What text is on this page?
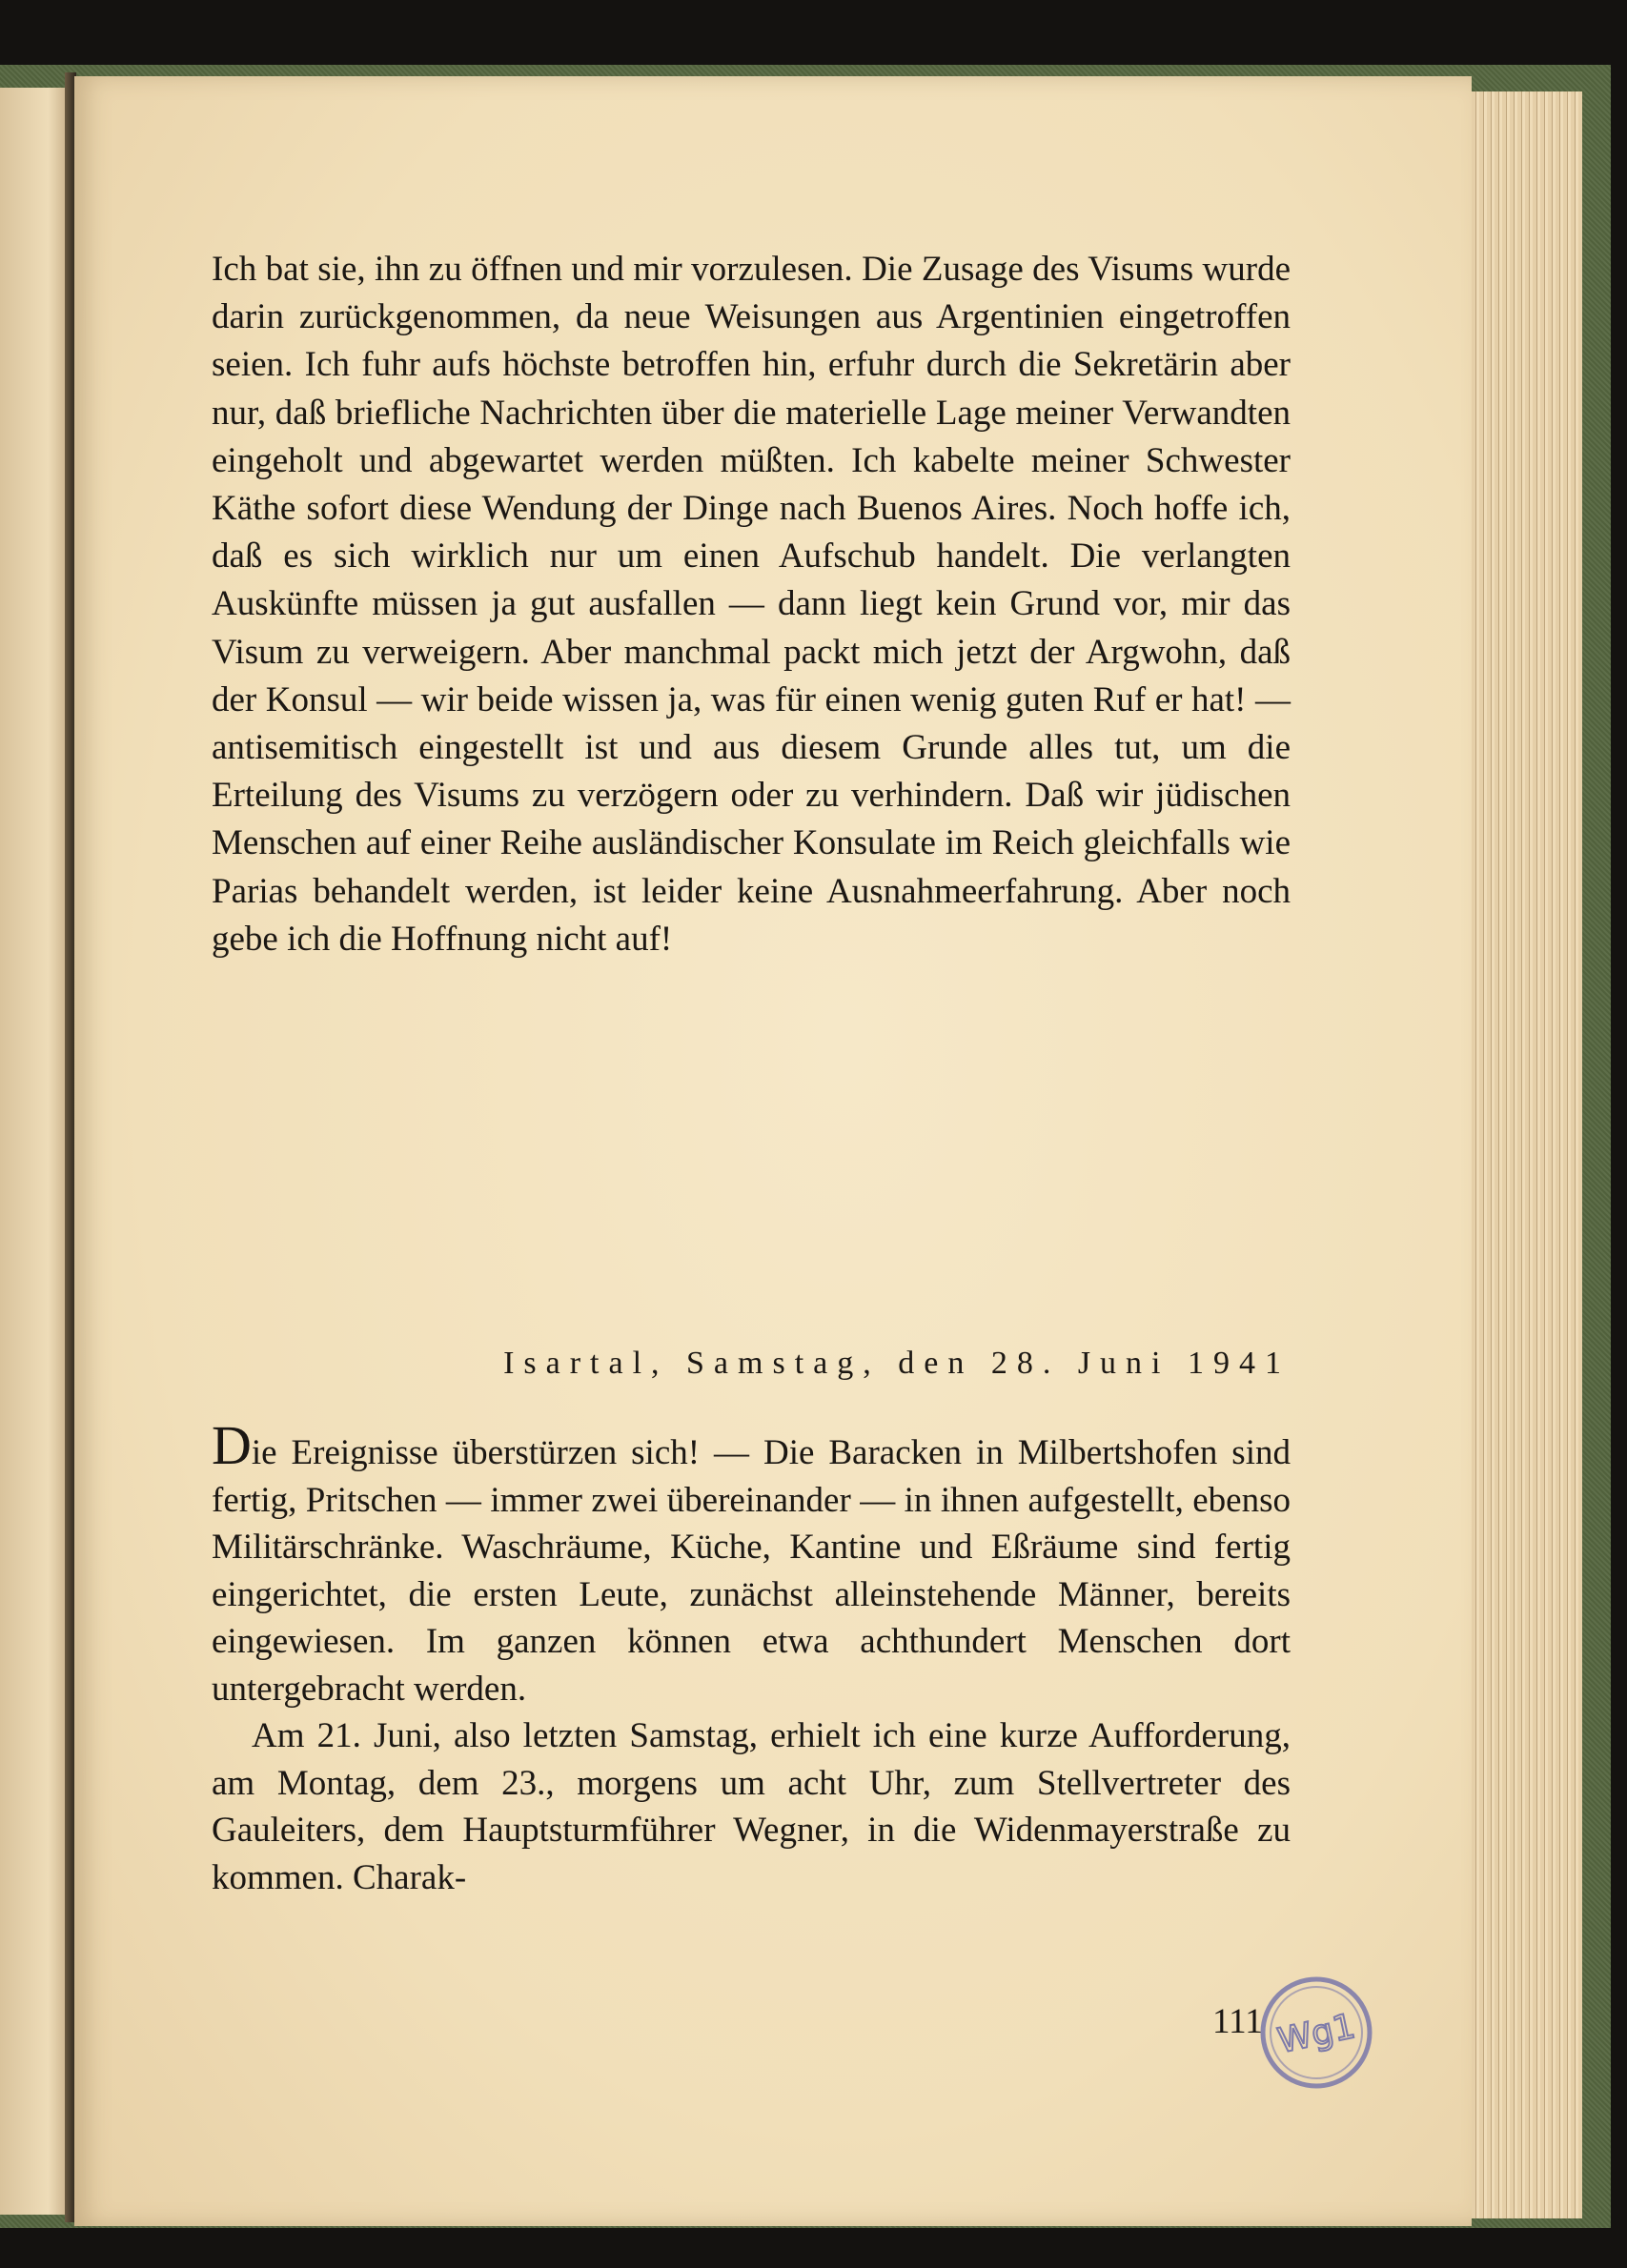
Ich bat sie, ihn zu öffnen und mir vorzulesen. Die Zusage des Visums wurde darin zurückgenommen, da neue Weisungen aus Argentinien eingetroffen seien. Ich fuhr aufs höchste betroffen hin, erfuhr durch die Sekretärin aber nur, daß briefliche Nachrichten über die materielle Lage meiner Verwandten eingeholt und abgewartet werden müßten. Ich kabelte meiner Schwester Käthe sofort diese Wendung der Dinge nach Buenos Aires. Noch hoffe ich, daß es sich wirklich nur um einen Aufschub handelt. Die verlangten Auskünfte müssen ja gut ausfallen — dann liegt kein Grund vor, mir das Visum zu verweigern. Aber manchmal packt mich jetzt der Argwohn, daß der Konsul — wir beide wissen ja, was für einen wenig guten Ruf er hat! — antisemitisch eingestellt ist und aus diesem Grunde alles tut, um die Erteilung des Visums zu verzögern oder zu verhindern. Daß wir jüdischen Menschen auf einer Reihe ausländischer Konsulate im Reich gleichfalls wie Parias behandelt werden, ist leider keine Ausnahmeerfahrung. Aber noch gebe ich die Hoffnung nicht auf!

Isartal, Samstag, den 28. Juni 1941

Die Ereignisse überstürzen sich! — Die Baracken in Milbertshofen sind fertig, Pritschen — immer zwei übereinander — in ihnen aufgestellt, ebenso Militärschränke. Waschräume, Küche, Kantine und Eßräume sind fertig eingerichtet, die ersten Leute, zunächst alleinstehende Männer, bereits eingewiesen. Im ganzen können etwa achthundert Menschen dort untergebracht werden.

Am 21. Juni, also letzten Samstag, erhielt ich eine kurze Aufforderung, am Montag, dem 23., morgens um acht Uhr, zum Stellvertreter des Gauleiters, dem Hauptsturmführer Wegner, in die Widenmayerstraße zu kommen. Charak-

111 Wg1
